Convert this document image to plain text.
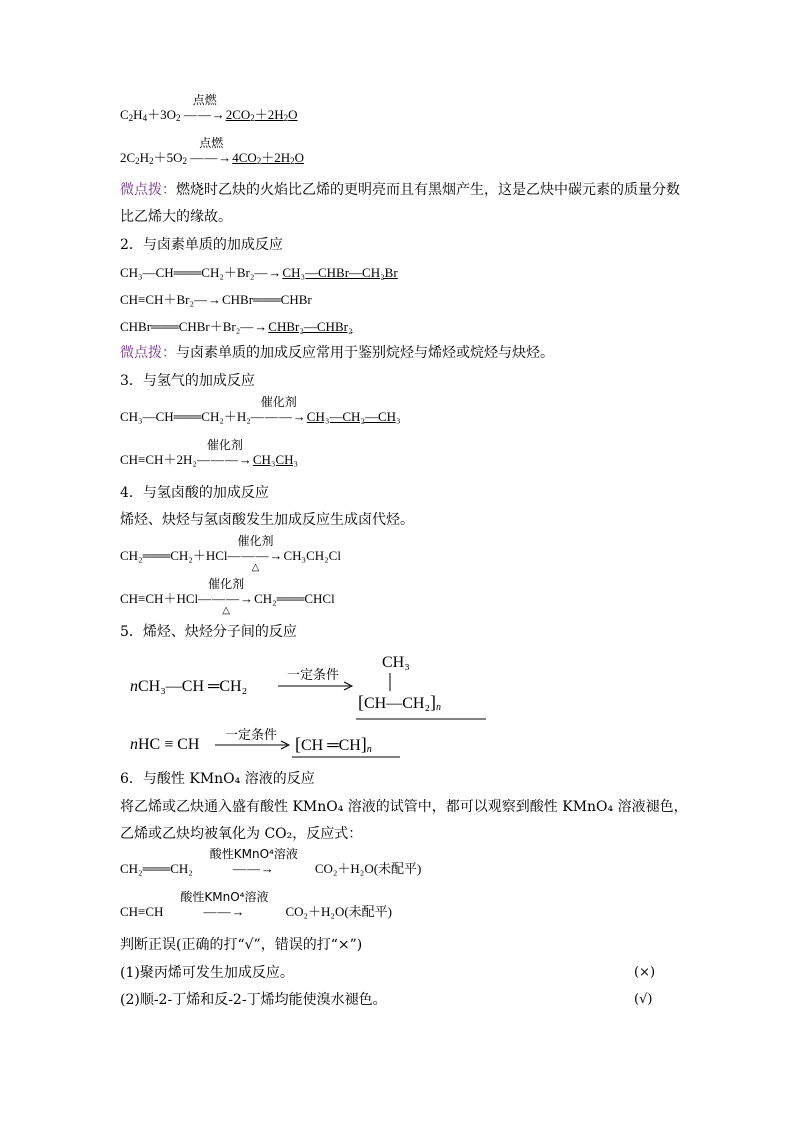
$C_2H_4+3O_2$
点燃
$——\to 2CO_2+2H_2O$
$2C_2H_2+5O_2$
点燃
$——\to 4CO_2+2H_2O$
微点拨：燃烧时乙炔的火焰比乙烯的更明亮而且有黑烟产生，这是乙炔中碳元素的质量分数
比乙烯大的缘故。
2．与卤素单质的加成反应
CH₃—CH═══CH₂＋Br₂—→CH₃—CHBr—CH₂Br
CH≡CH＋Br₂—→CHBr═══CHBr
CHBr═══CHBr＋Br₂—→CHBr₂—CHBr₂
微点拨：与卤素单质的加成反应常用于鉴别烷烃与烯烃或烷烃与炔烃。
3．与氢气的加成反应
CH₃—CH═══CH₂＋H₂
催化剂
———→CH₃—CH₂—CH₃
CH≡CH＋2H₂
催化剂
———→CH₃CH₃
4．与氢卤酸的加成反应
烯烃、炔烃与氢卤酸发生加成反应生成卤代烃。
CH₂═══CH₂＋HCl
催化剂
———→
△
CH₃CH₂Cl
CH≡CH＋HCl
催化剂
———→
△
CH₂═══CHCl
5．烯烃、炔烃分子间的反应
nCH₃—CH ═CH₂
一定条件
CH₃
$[CH—CH_2]_n$
nHC ≡ CH
一定条件 [CH $═CH]_n$
6．与酸性 KMnO₄ 溶液的反应
将乙烯或乙炔通入盛有酸性 KMnO₄ 溶液的试管中，都可以观察到酸性 KMnO₄ 溶液褪色，
乙烯或乙炔均被氧化为 CO₂，反应式：
CH₂═══CH₂
酸性KMnO⁴溶液
——→	CO₂＋H₂O(未配平)
CH≡CH
酸性KMnO⁴溶液
——→	CO₂＋H₂O(未配平)
判断正误(正确的打“√”，错误的打“×”)
(1)聚丙烯可发生加成反应。	(×)
(2)顺-2-丁烯和反-2-丁烯均能使溴水褪色。	(√)
